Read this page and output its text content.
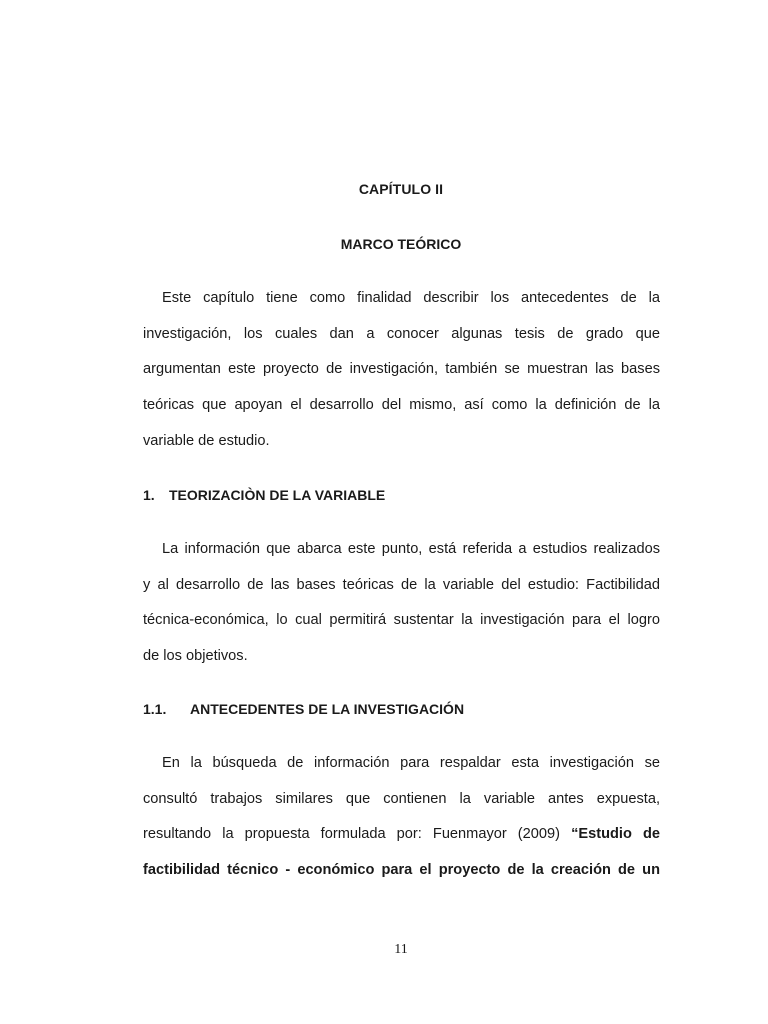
CAPÍTULO II
MARCO TEÓRICO
Este capítulo tiene como finalidad describir los antecedentes de la
investigación, los cuales dan a conocer algunas tesis de grado que
argumentan este proyecto de investigación, también se muestran las bases
teóricas que apoyan el desarrollo del mismo, así como la definición de la
variable de estudio.
1. TEORIZACIÒN DE LA VARIABLE
La información que abarca este punto, está referida a estudios realizados
y al desarrollo de las bases teóricas de la variable del estudio: Factibilidad
técnica-económica, lo cual permitirá sustentar la investigación para el logro
de los objetivos.
1.1. ANTECEDENTES DE LA INVESTIGACIÓN
En la búsqueda de información para respaldar esta investigación se
consultó trabajos similares que contienen la variable antes expuesta,
resultando la propuesta formulada por: Fuenmayor (2009) “Estudio de
factibilidad técnico - económico para el proyecto de la creación de un
11
